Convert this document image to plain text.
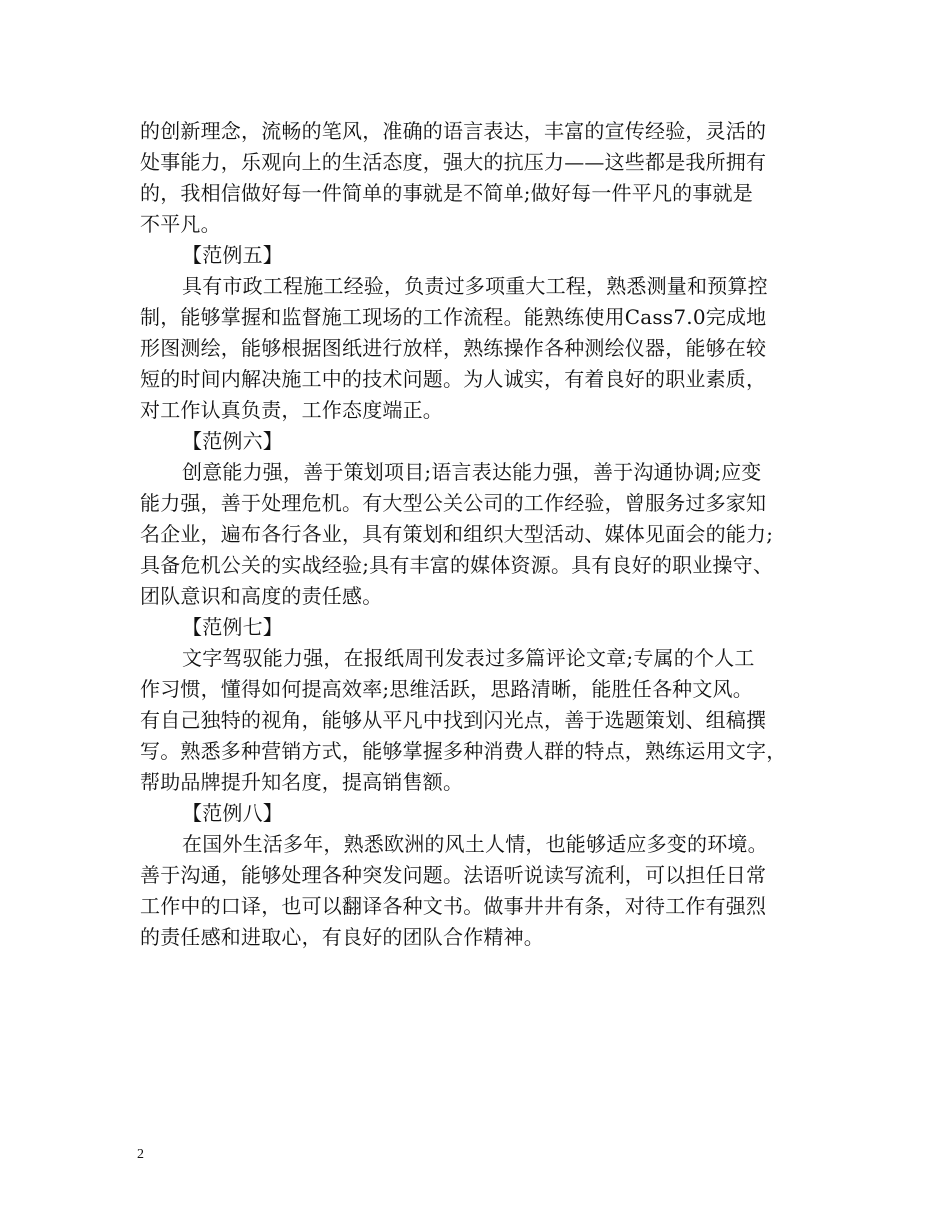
的创新理念，流畅的笔风，准确的语言表达，丰富的宣传经验，灵活的
处事能力，乐观向上的生活态度，强大的抗压力——这些都是我所拥有
的，我相信做好每一件简单的事就是不简单;做好每一件平凡的事就是
不平凡。
【范例五】
具有市政工程施工经验，负责过多项重大工程，熟悉测量和预算控
制，能够掌握和监督施工现场的工作流程。能熟练使用Cass7.0完成地
形图测绘，能够根据图纸进行放样，熟练操作各种测绘仪器，能够在较
短的时间内解决施工中的技术问题。为人诚实，有着良好的职业素质，
对工作认真负责，工作态度端正。
【范例六】
创意能力强，善于策划项目;语言表达能力强，善于沟通协调;应变
能力强，善于处理危机。有大型公关公司的工作经验，曾服务过多家知
名企业，遍布各行各业，具有策划和组织大型活动、媒体见面会的能力;
具备危机公关的实战经验;具有丰富的媒体资源。具有良好的职业操守、
团队意识和高度的责任感。
【范例七】
文字驾驭能力强，在报纸周刊发表过多篇评论文章;专属的个人工
作习惯，懂得如何提高效率;思维活跃，思路清晰，能胜任各种文风。
有自己独特的视角，能够从平凡中找到闪光点，善于选题策划、组稿撰
写。熟悉多种营销方式，能够掌握多种消费人群的特点，熟练运用文字，
帮助品牌提升知名度，提高销售额。
【范例八】
在国外生活多年，熟悉欧洲的风土人情，也能够适应多变的环境。
善于沟通，能够处理各种突发问题。法语听说读写流利，可以担任日常
工作中的口译，也可以翻译各种文书。做事井井有条，对待工作有强烈
的责任感和进取心，有良好的团队合作精神。
2
